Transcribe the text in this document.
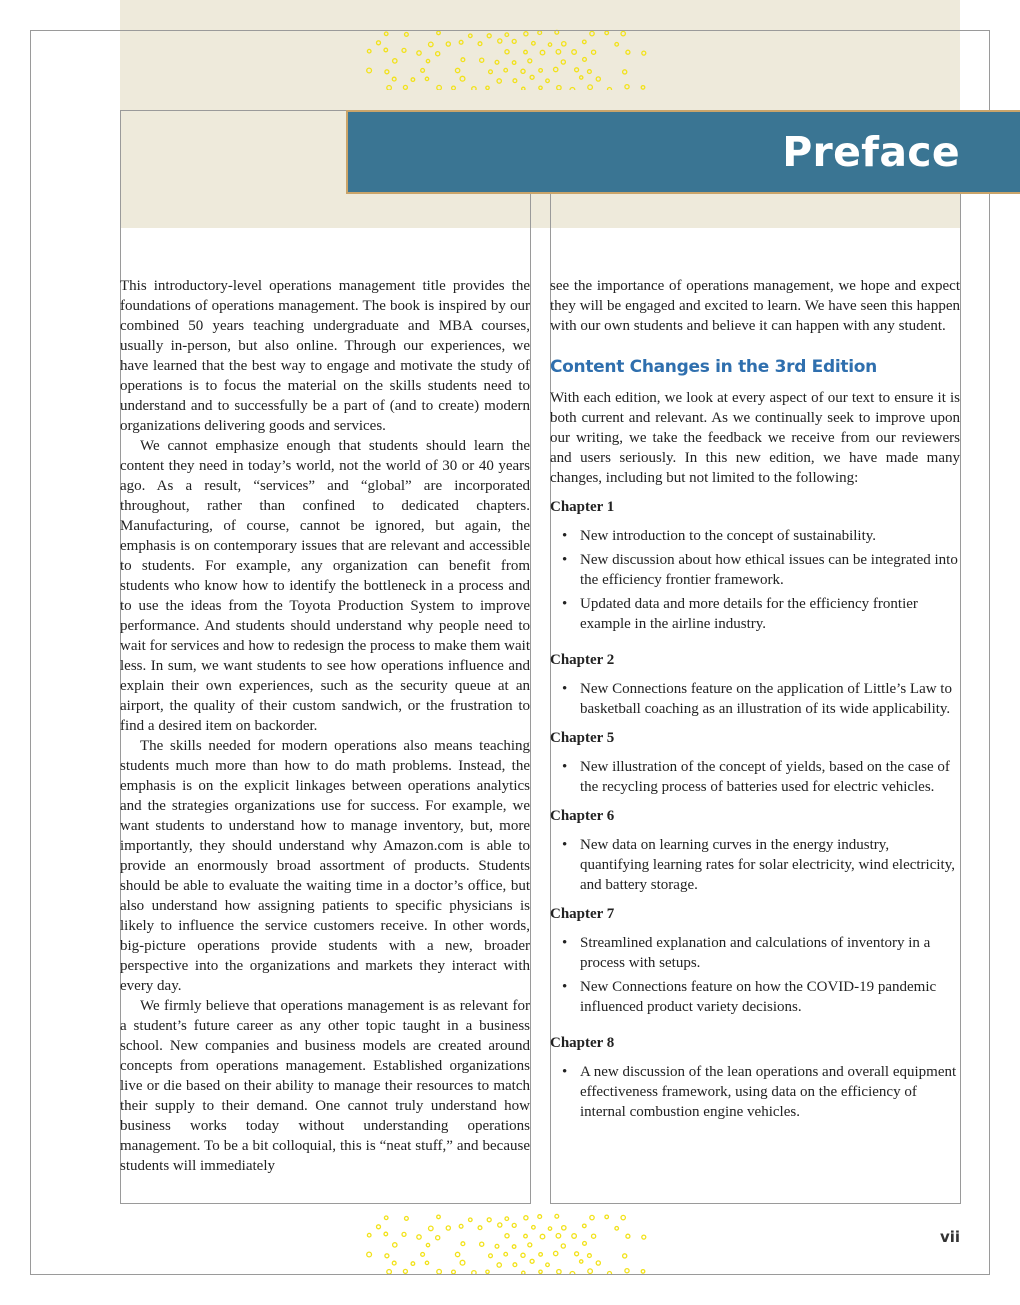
Preface

This introductory-level operations management title provides the foundations of operations management. The book is inspired by our combined 50 years teaching undergraduate and MBA courses, usually in-person, but also online. Through our experiences, we have learned that the best way to engage and motivate the study of operations is to focus the material on the skills students need to understand and to successfully be a part of (and to create) modern organizations delivering goods and services.

We cannot emphasize enough that students should learn the content they need in today’s world, not the world of 30 or 40 years ago. As a result, “services” and “global” are incorporated throughout, rather than confined to dedicated chapters. Manufacturing, of course, cannot be ignored, but again, the emphasis is on contemporary issues that are relevant and accessible to students. For example, any organization can benefit from students who know how to identify the bottleneck in a process and to use the ideas from the Toyota Production System to improve performance. And students should understand why people need to wait for services and how to redesign the process to make them wait less. In sum, we want students to see how operations influence and explain their own experiences, such as the security queue at an airport, the quality of their custom sandwich, or the frustration to find a desired item on backorder.

The skills needed for modern operations also means teaching students much more than how to do math problems. Instead, the emphasis is on the explicit linkages between operations analytics and the strategies organizations use for success. For example, we want students to understand how to manage inventory, but, more importantly, they should understand why Amazon.com is able to provide an enormously broad assortment of products. Students should be able to evaluate the waiting time in a doctor’s office, but also understand how assigning patients to specific physicians is likely to influence the service customers receive. In other words, big-picture operations provide students with a new, broader perspective into the organizations and markets they interact with every day.

We firmly believe that operations management is as relevant for a student’s future career as any other topic taught in a business school. New companies and business models are created around concepts from operations management. Established organizations live or die based on their ability to manage their resources to match their supply to their demand. One cannot truly understand how business works today without understanding operations management. To be a bit colloquial, this is “neat stuff,” and because students will immediately

see the importance of operations management, we hope and expect they will be engaged and excited to learn. We have seen this happen with our own students and believe it can happen with any student.

Content Changes in the 3rd Edition

With each edition, we look at every aspect of our text to ensure it is both current and relevant. As we continually seek to improve upon our writing, we take the feedback we receive from our reviewers and users seriously. In this new edition, we have made many changes, including but not limited to the following:

Chapter 1
• New introduction to the concept of sustainability.
• New discussion about how ethical issues can be integrated into the efficiency frontier framework.
• Updated data and more details for the efficiency frontier example in the airline industry.
Chapter 2
• New Connections feature on the application of Little’s Law to basketball coaching as an illustration of its wide applicability.
Chapter 5
• New illustration of the concept of yields, based on the case of the recycling process of batteries used for electric vehicles.
Chapter 6
• New data on learning curves in the energy industry, quantifying learning rates for solar electricity, wind electricity, and battery storage.
Chapter 7
• Streamlined explanation and calculations of inventory in a process with setups.
• New Connections feature on how the COVID-19 pandemic influenced product variety decisions.
Chapter 8
• A new discussion of the lean operations and overall equipment effectiveness framework, using data on the efficiency of internal combustion engine vehicles.
vii
